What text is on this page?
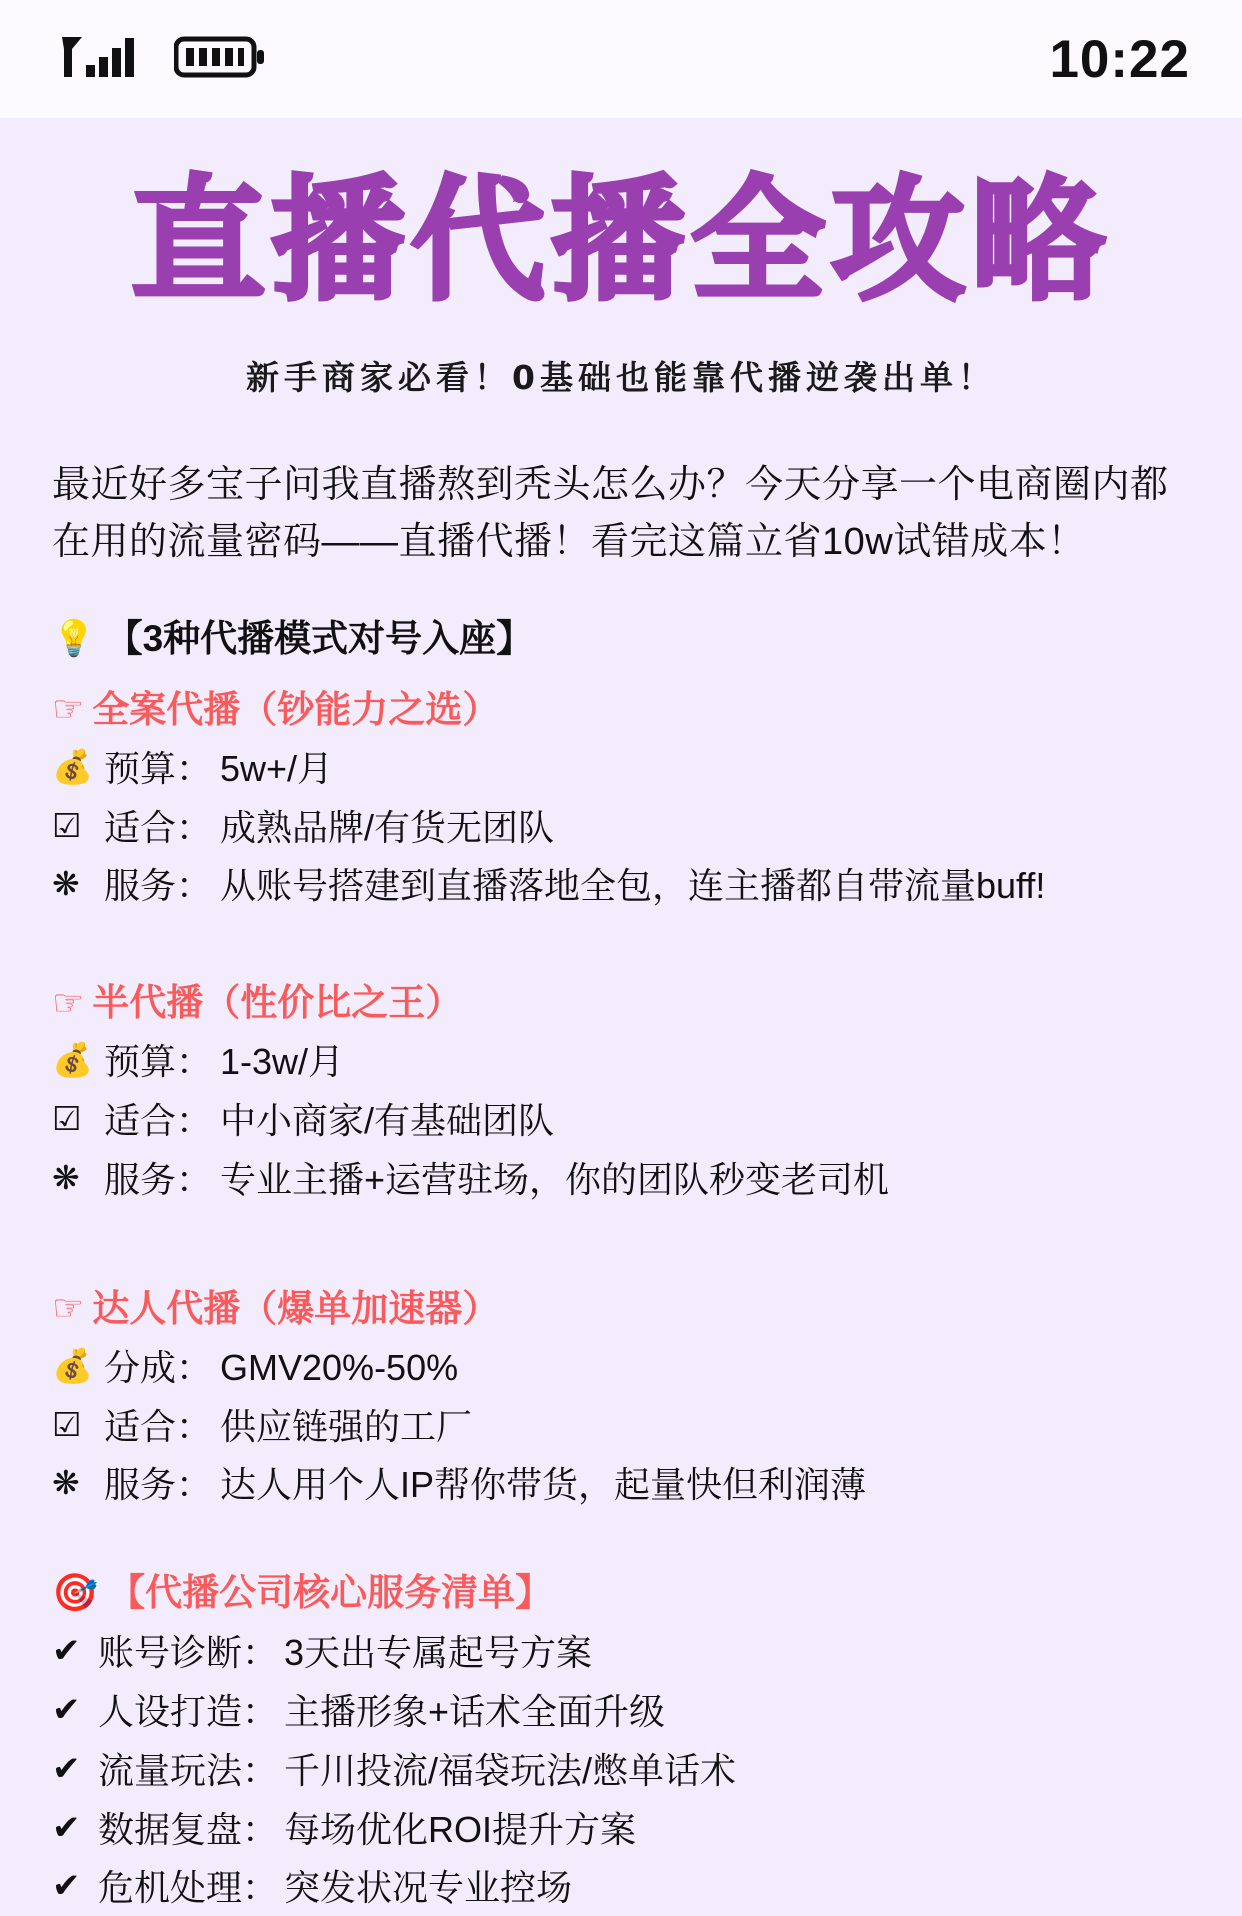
10:22
直播代播全攻略
新手商家必看！0基础也能靠代播逆袭出单！
最近好多宝子问我直播熬到秃头怎么办？今天分享一个电商圈内都在用的流量密码——直播代播！看完这篇立省10w试错成本！
💡 【3种代播模式对号入座】
☞ 全案代播（钞能力之选）
💰 预算： 5w+/月
☑ 适合： 成熟品牌/有货无团队
❋ 服务： 从账号搭建到直播落地全包，连主播都自带流量buff!
☞ 半代播（性价比之王）
💰 预算： 1-3w/月
☑ 适合： 中小商家/有基础团队
❋ 服务： 专业主播+运营驻场，你的团队秒变老司机
☞ 达人代播（爆单加速器）
💰 分成： GMV20%-50%
☑ 适合： 供应链强的工厂
❋ 服务： 达人用个人IP帮你带货，起量快但利润薄
🎯 【代播公司核心服务清单】
✔ 账号诊断： 3天出专属起号方案
✔ 人设打造： 主播形象+话术全面升级
✔ 流量玩法： 千川投流/福袋玩法/憋单话术
✔ 数据复盘： 每场优化ROI提升方案
✔ 危机处理： 突发状况专业控场
